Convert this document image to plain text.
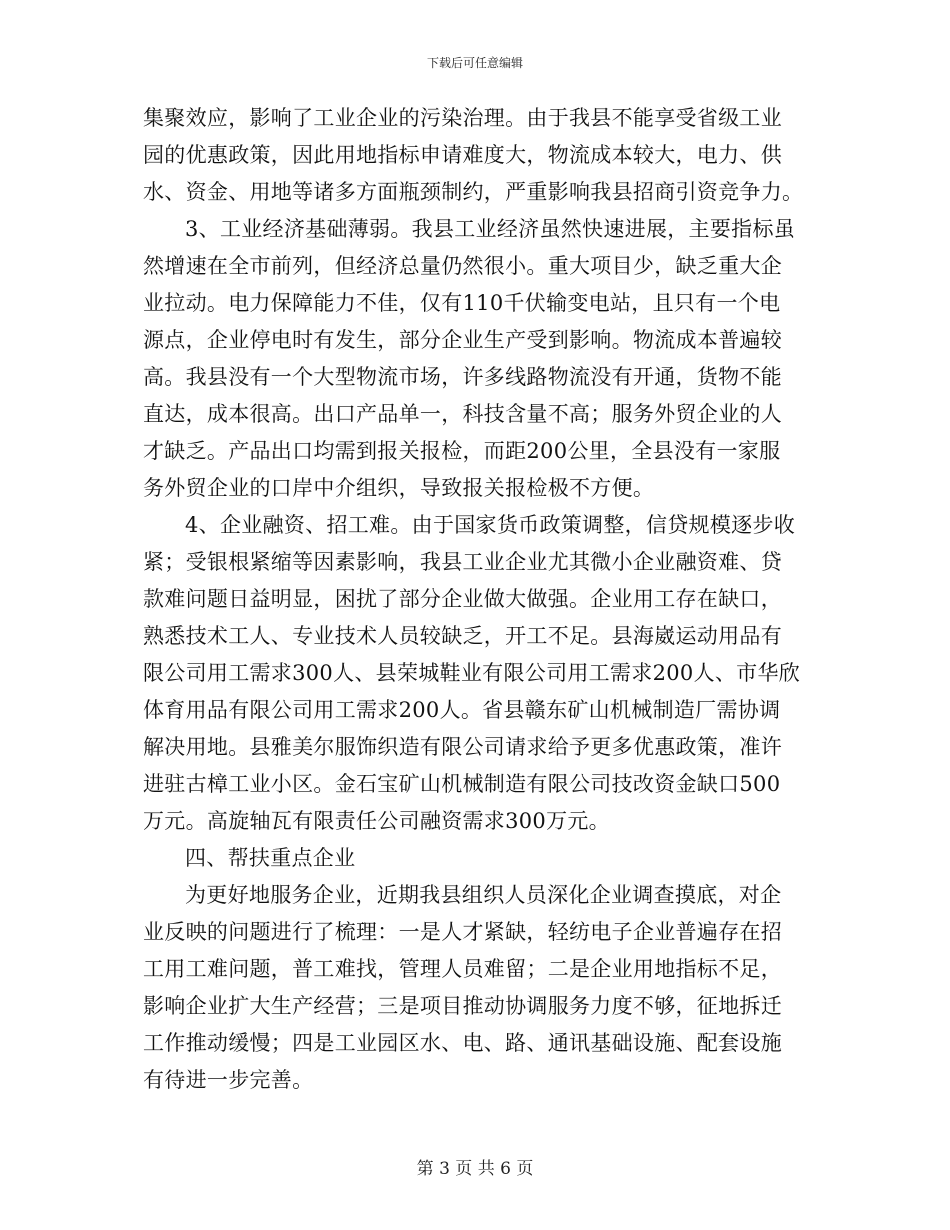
下载后可任意编辑
集聚效应，影响了工业企业的污染治理。由于我县不能享受省级工业
园的优惠政策，因此用地指标申请难度大，物流成本较大，电力、供
水、资金、用地等诸多方面瓶颈制约，严重影响我县招商引资竞争力。
3、工业经济基础薄弱。我县工业经济虽然快速进展，主要指标虽
然增速在全市前列，但经济总量仍然很小。重大项目少，缺乏重大企
业拉动。电力保障能力不佳，仅有110千伏输变电站，且只有一个电
源点，企业停电时有发生，部分企业生产受到影响。物流成本普遍较
高。我县没有一个大型物流市场，许多线路物流没有开通，货物不能
直达，成本很高。出口产品单一，科技含量不高；服务外贸企业的人
才缺乏。产品出口均需到报关报检，而距200公里，全县没有一家服
务外贸企业的口岸中介组织，导致报关报检极不方便。
4、企业融资、招工难。由于国家货币政策调整，信贷规模逐步收
紧；受银根紧缩等因素影响，我县工业企业尤其微小企业融资难、贷
款难问题日益明显，困扰了部分企业做大做强。企业用工存在缺口，
熟悉技术工人、专业技术人员较缺乏，开工不足。县海崴运动用品有
限公司用工需求300人、县荣城鞋业有限公司用工需求200人、市华欣
体育用品有限公司用工需求200人。省县赣东矿山机械制造厂需协调
解决用地。县雅美尔服饰织造有限公司请求给予更多优惠政策，准许
进驻古樟工业小区。金石宝矿山机械制造有限公司技改资金缺口500
万元。高旋轴瓦有限责任公司融资需求300万元。
四、帮扶重点企业
为更好地服务企业，近期我县组织人员深化企业调查摸底，对企
业反映的问题进行了梳理：一是人才紧缺，轻纺电子企业普遍存在招
工用工难问题，普工难找，管理人员难留；二是企业用地指标不足，
影响企业扩大生产经营；三是项目推动协调服务力度不够，征地拆迁
工作推动缓慢；四是工业园区水、电、路、通讯基础设施、配套设施
有待进一步完善。
第 3 页 共 6 页
